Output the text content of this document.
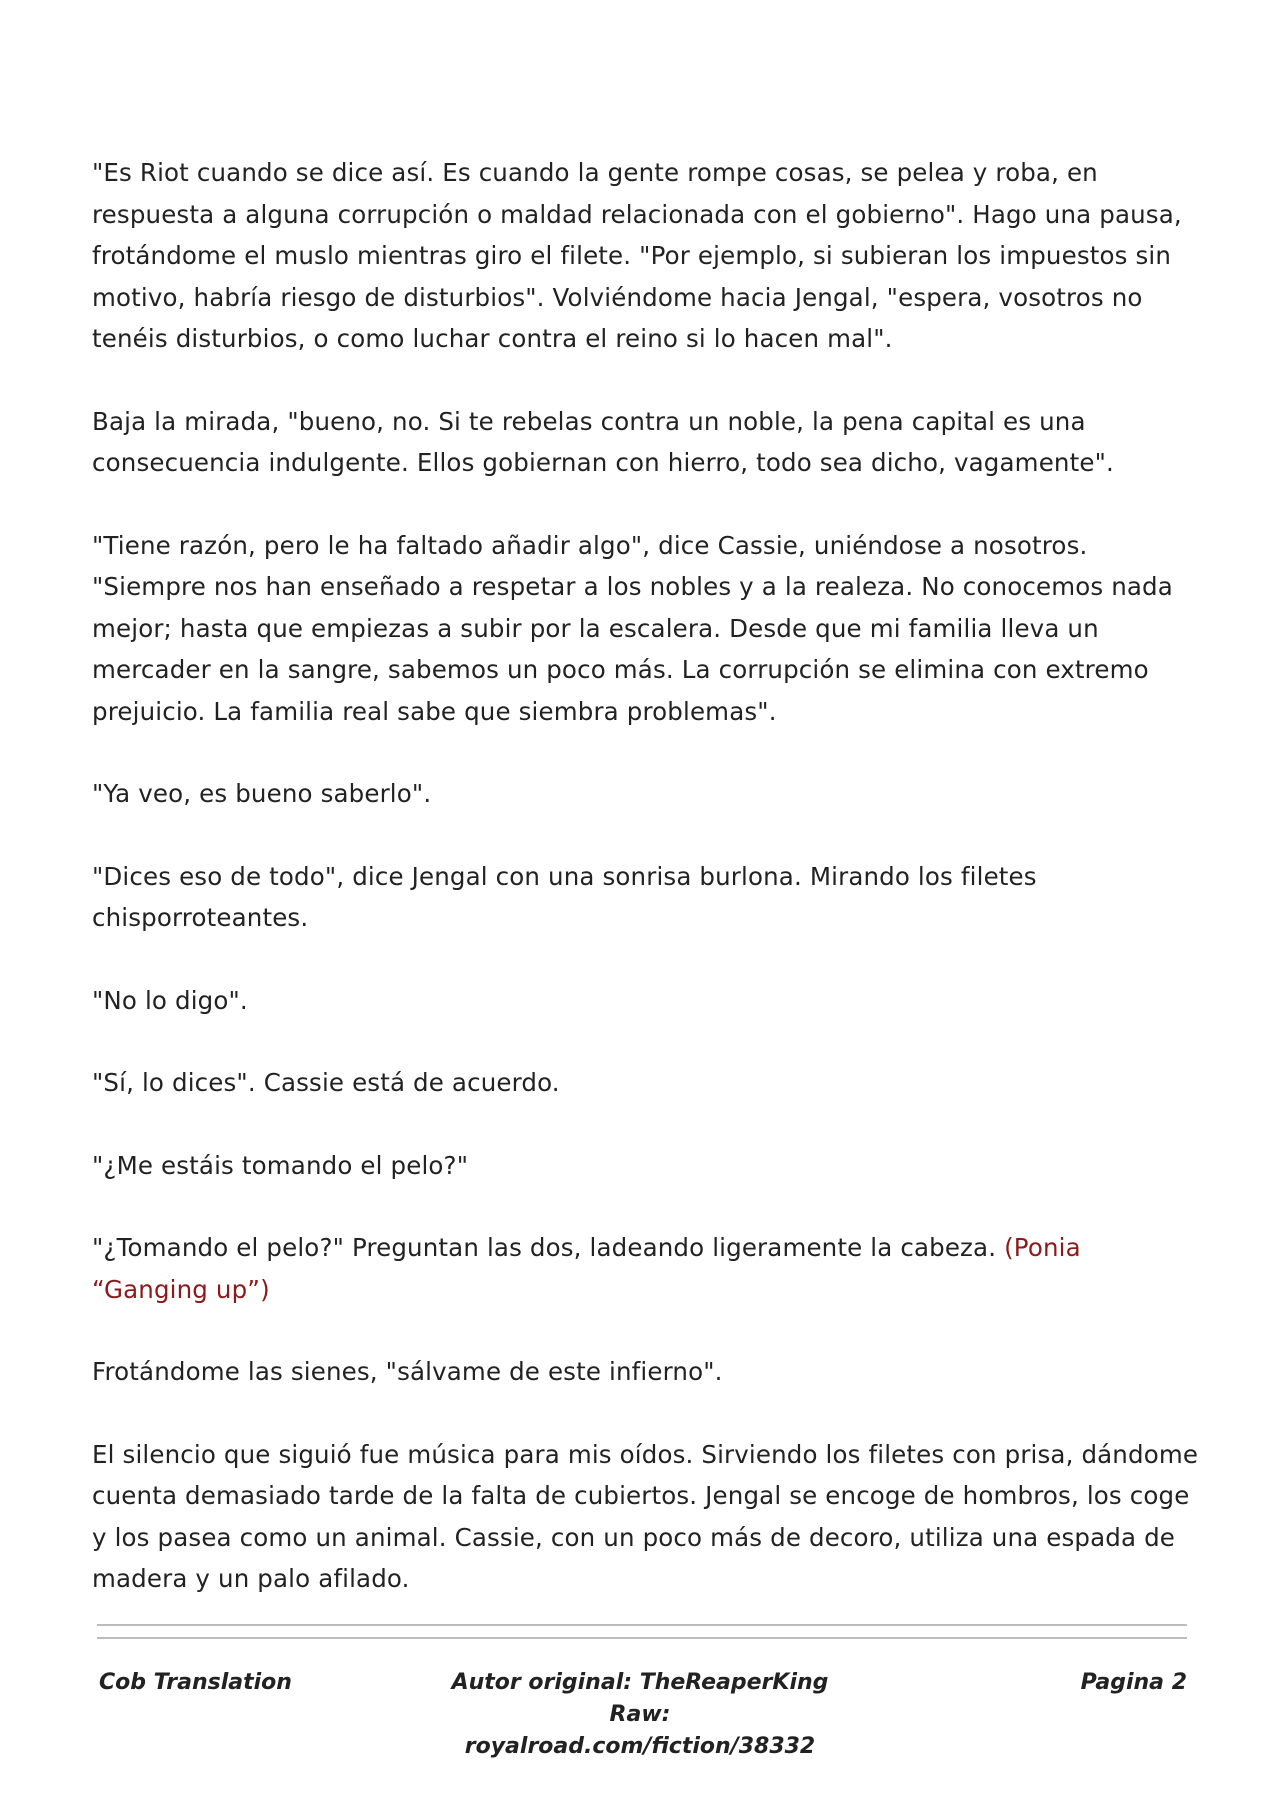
"Es Riot cuando se dice así. Es cuando la gente rompe cosas, se pelea y roba, en respuesta a alguna corrupción o maldad relacionada con el gobierno". Hago una pausa, frotándome el muslo mientras giro el filete. "Por ejemplo, si subieran los impuestos sin motivo, habría riesgo de disturbios". Volviéndome hacia Jengal, "espera, vosotros no tenéis disturbios, o como luchar contra el reino si lo hacen mal".

Baja la mirada, "bueno, no. Si te rebelas contra un noble, la pena capital es una consecuencia indulgente. Ellos gobiernan con hierro, todo sea dicho, vagamente".

"Tiene razón, pero le ha faltado añadir algo", dice Cassie, uniéndose a nosotros. "Siempre nos han enseñado a respetar a los nobles y a la realeza. No conocemos nada mejor; hasta que empiezas a subir por la escalera. Desde que mi familia lleva un mercader en la sangre, sabemos un poco más. La corrupción se elimina con extremo prejuicio. La familia real sabe que siembra problemas".

"Ya veo, es bueno saberlo".

"Dices eso de todo", dice Jengal con una sonrisa burlona. Mirando los filetes chisporroteantes.

"No lo digo".

"Sí, lo dices". Cassie está de acuerdo.

"¿Me estáis tomando el pelo?"

"¿Tomando el pelo?" Preguntan las dos, ladeando ligeramente la cabeza. (Ponia “Ganging up”)

Frotándome las sienes, "sálvame de este infierno".

El silencio que siguió fue música para mis oídos. Sirviendo los filetes con prisa, dándome cuenta demasiado tarde de la falta de cubiertos. Jengal se encoge de hombros, los coge y los pasea como un animal. Cassie, con un poco más de decoro, utiliza una espada de madera y un palo afilado.

Cob Translation	Autor original: TheReaperKing
Raw: royalroad.com/fiction/38332
Pagina 2
